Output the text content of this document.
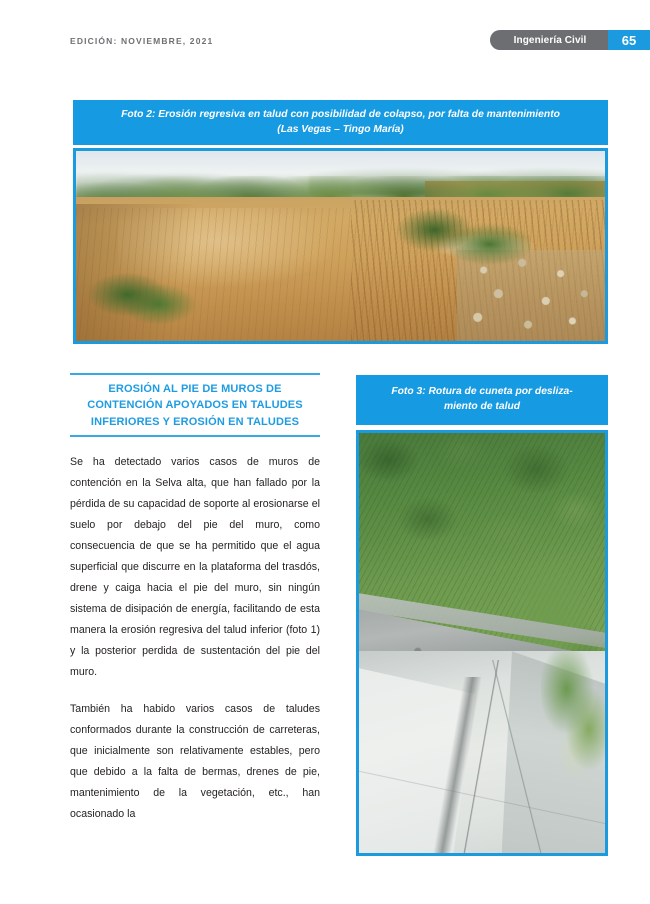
EDICIÓN: NOVIEMBRE, 2021	Ingeniería Civil	65
Foto 2: Erosión regresiva en talud con posibilidad de colapso, por falta de mantenimiento
(Las Vegas – Tingo María)
EROSIÓN AL PIE DE MUROS DE
CONTENCIÓN APOYADOS EN TALUDES
INFERIORES Y EROSIÓN EN TALUDES

Se ha detectado varios casos de muros de contención en la Selva alta, que han fallado por la pérdida de su capacidad de soporte al erosionarse el suelo por debajo del pie del muro, como consecuencia de que se ha permitido que el agua superficial que discurre en la plataforma del trasdós, drene y caiga hacia el pie del muro, sin ningún sistema de disipación de energía, facilitando de esta manera la erosión regresiva del talud inferior (foto 1) y la posterior perdida de sustentación del pie del muro.

También ha habido varios casos de taludes conformados durante la construcción de carreteras, que inicialmente son relativamente estables, pero que debido a la falta de bermas, drenes de pie, mantenimiento de la vegetación, etc., han ocasionado la

Foto 3: Rotura de cuneta por desliza-
miento de talud
